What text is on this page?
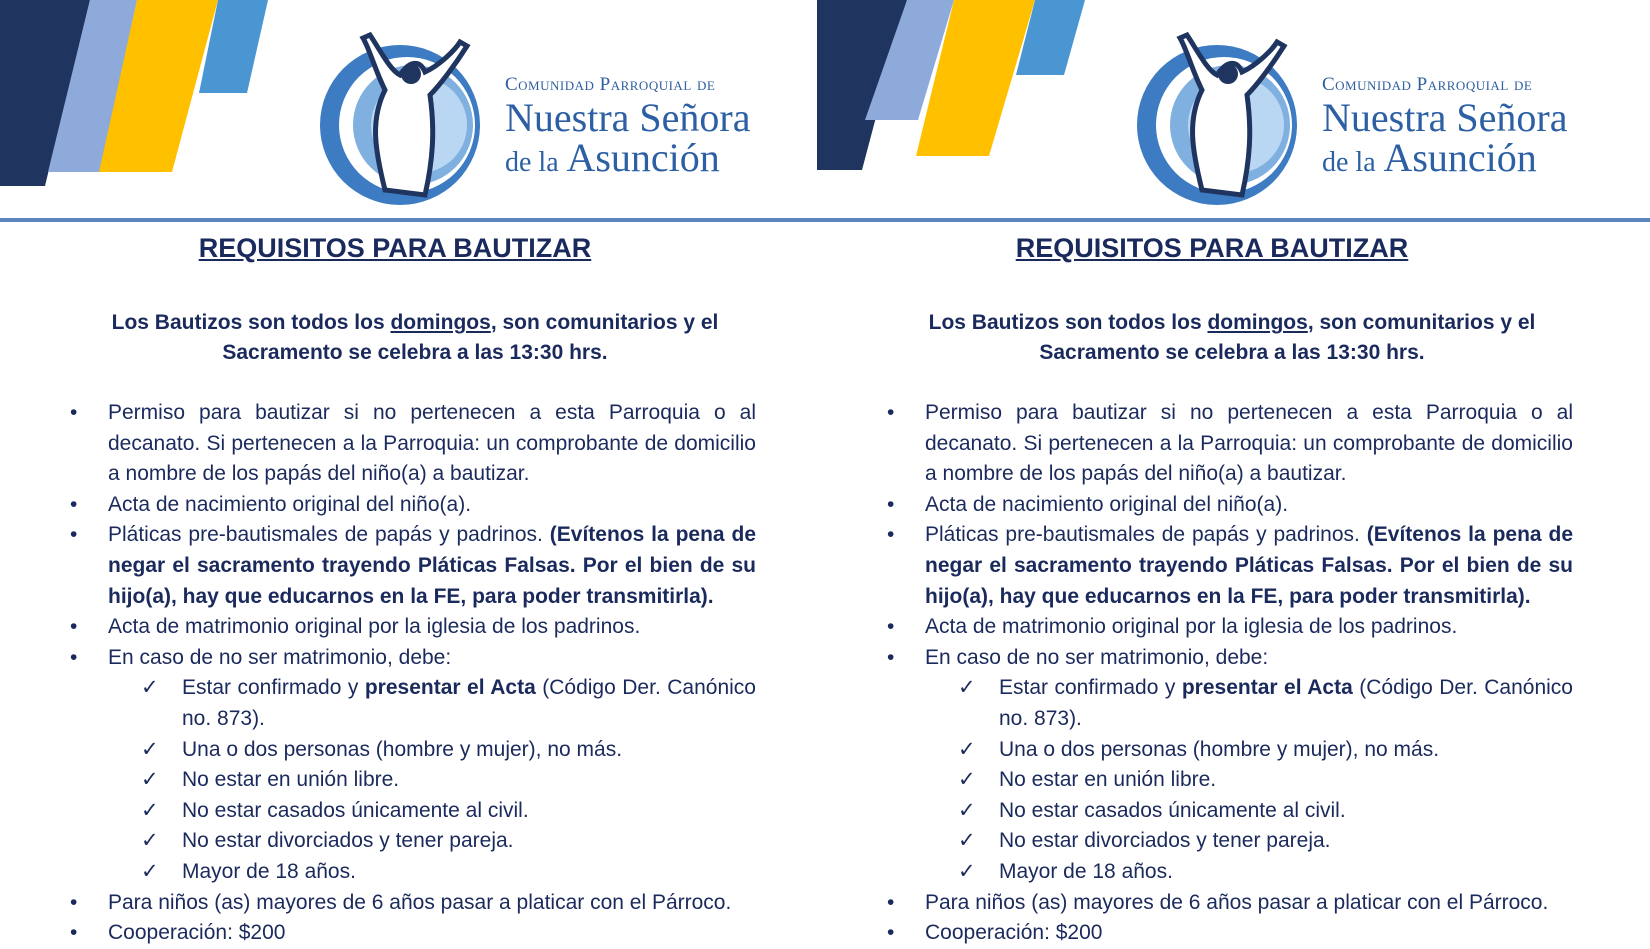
Comunidad Parroquial de
Nuestra Señora
de la Asunción
REQUISITOS PARA BAUTIZAR
Los Bautizos son todos los domingos, son comunitarios y el Sacramento se celebra a las 13:30 hrs.
• Permiso para bautizar si no pertenecen a esta Parroquia o al decanato. Si pertenecen a la Parroquia: un comprobante de domicilio a nombre de los papás del niño(a) a bautizar.
• Acta de nacimiento original del niño(a).
• Pláticas pre-bautismales de papás y padrinos. (Evítenos la pena de negar el sacramento trayendo Pláticas Falsas. Por el bien de su hijo(a), hay que educarnos en la FE, para poder transmitirla).
• Acta de matrimonio original por la iglesia de los padrinos.
• En caso de no ser matrimonio, debe:
✓ Estar confirmado y presentar el Acta (Código Der. Canónico no. 873).
✓ Una o dos personas (hombre y mujer), no más.
✓ No estar en unión libre.
✓ No estar casados únicamente al civil.
✓ No estar divorciados y tener pareja.
✓ Mayor de 18 años.
• Para niños (as) mayores de 6 años pasar a platicar con el Párroco.
• Cooperación: $200
Comunidad Parroquial de
Nuestra Señora
de la Asunción
REQUISITOS PARA BAUTIZAR
Los Bautizos son todos los domingos, son comunitarios y el Sacramento se celebra a las 13:30 hrs.
• Permiso para bautizar si no pertenecen a esta Parroquia o al decanato. Si pertenecen a la Parroquia: un comprobante de domicilio a nombre de los papás del niño(a) a bautizar.
• Acta de nacimiento original del niño(a).
• Pláticas pre-bautismales de papás y padrinos. (Evítenos la pena de negar el sacramento trayendo Pláticas Falsas. Por el bien de su hijo(a), hay que educarnos en la FE, para poder transmitirla).
• Acta de matrimonio original por la iglesia de los padrinos.
• En caso de no ser matrimonio, debe:
✓ Estar confirmado y presentar el Acta (Código Der. Canónico no. 873).
✓ Una o dos personas (hombre y mujer), no más.
✓ No estar en unión libre.
✓ No estar casados únicamente al civil.
✓ No estar divorciados y tener pareja.
✓ Mayor de 18 años.
• Para niños (as) mayores de 6 años pasar a platicar con el Párroco.
• Cooperación: $200
